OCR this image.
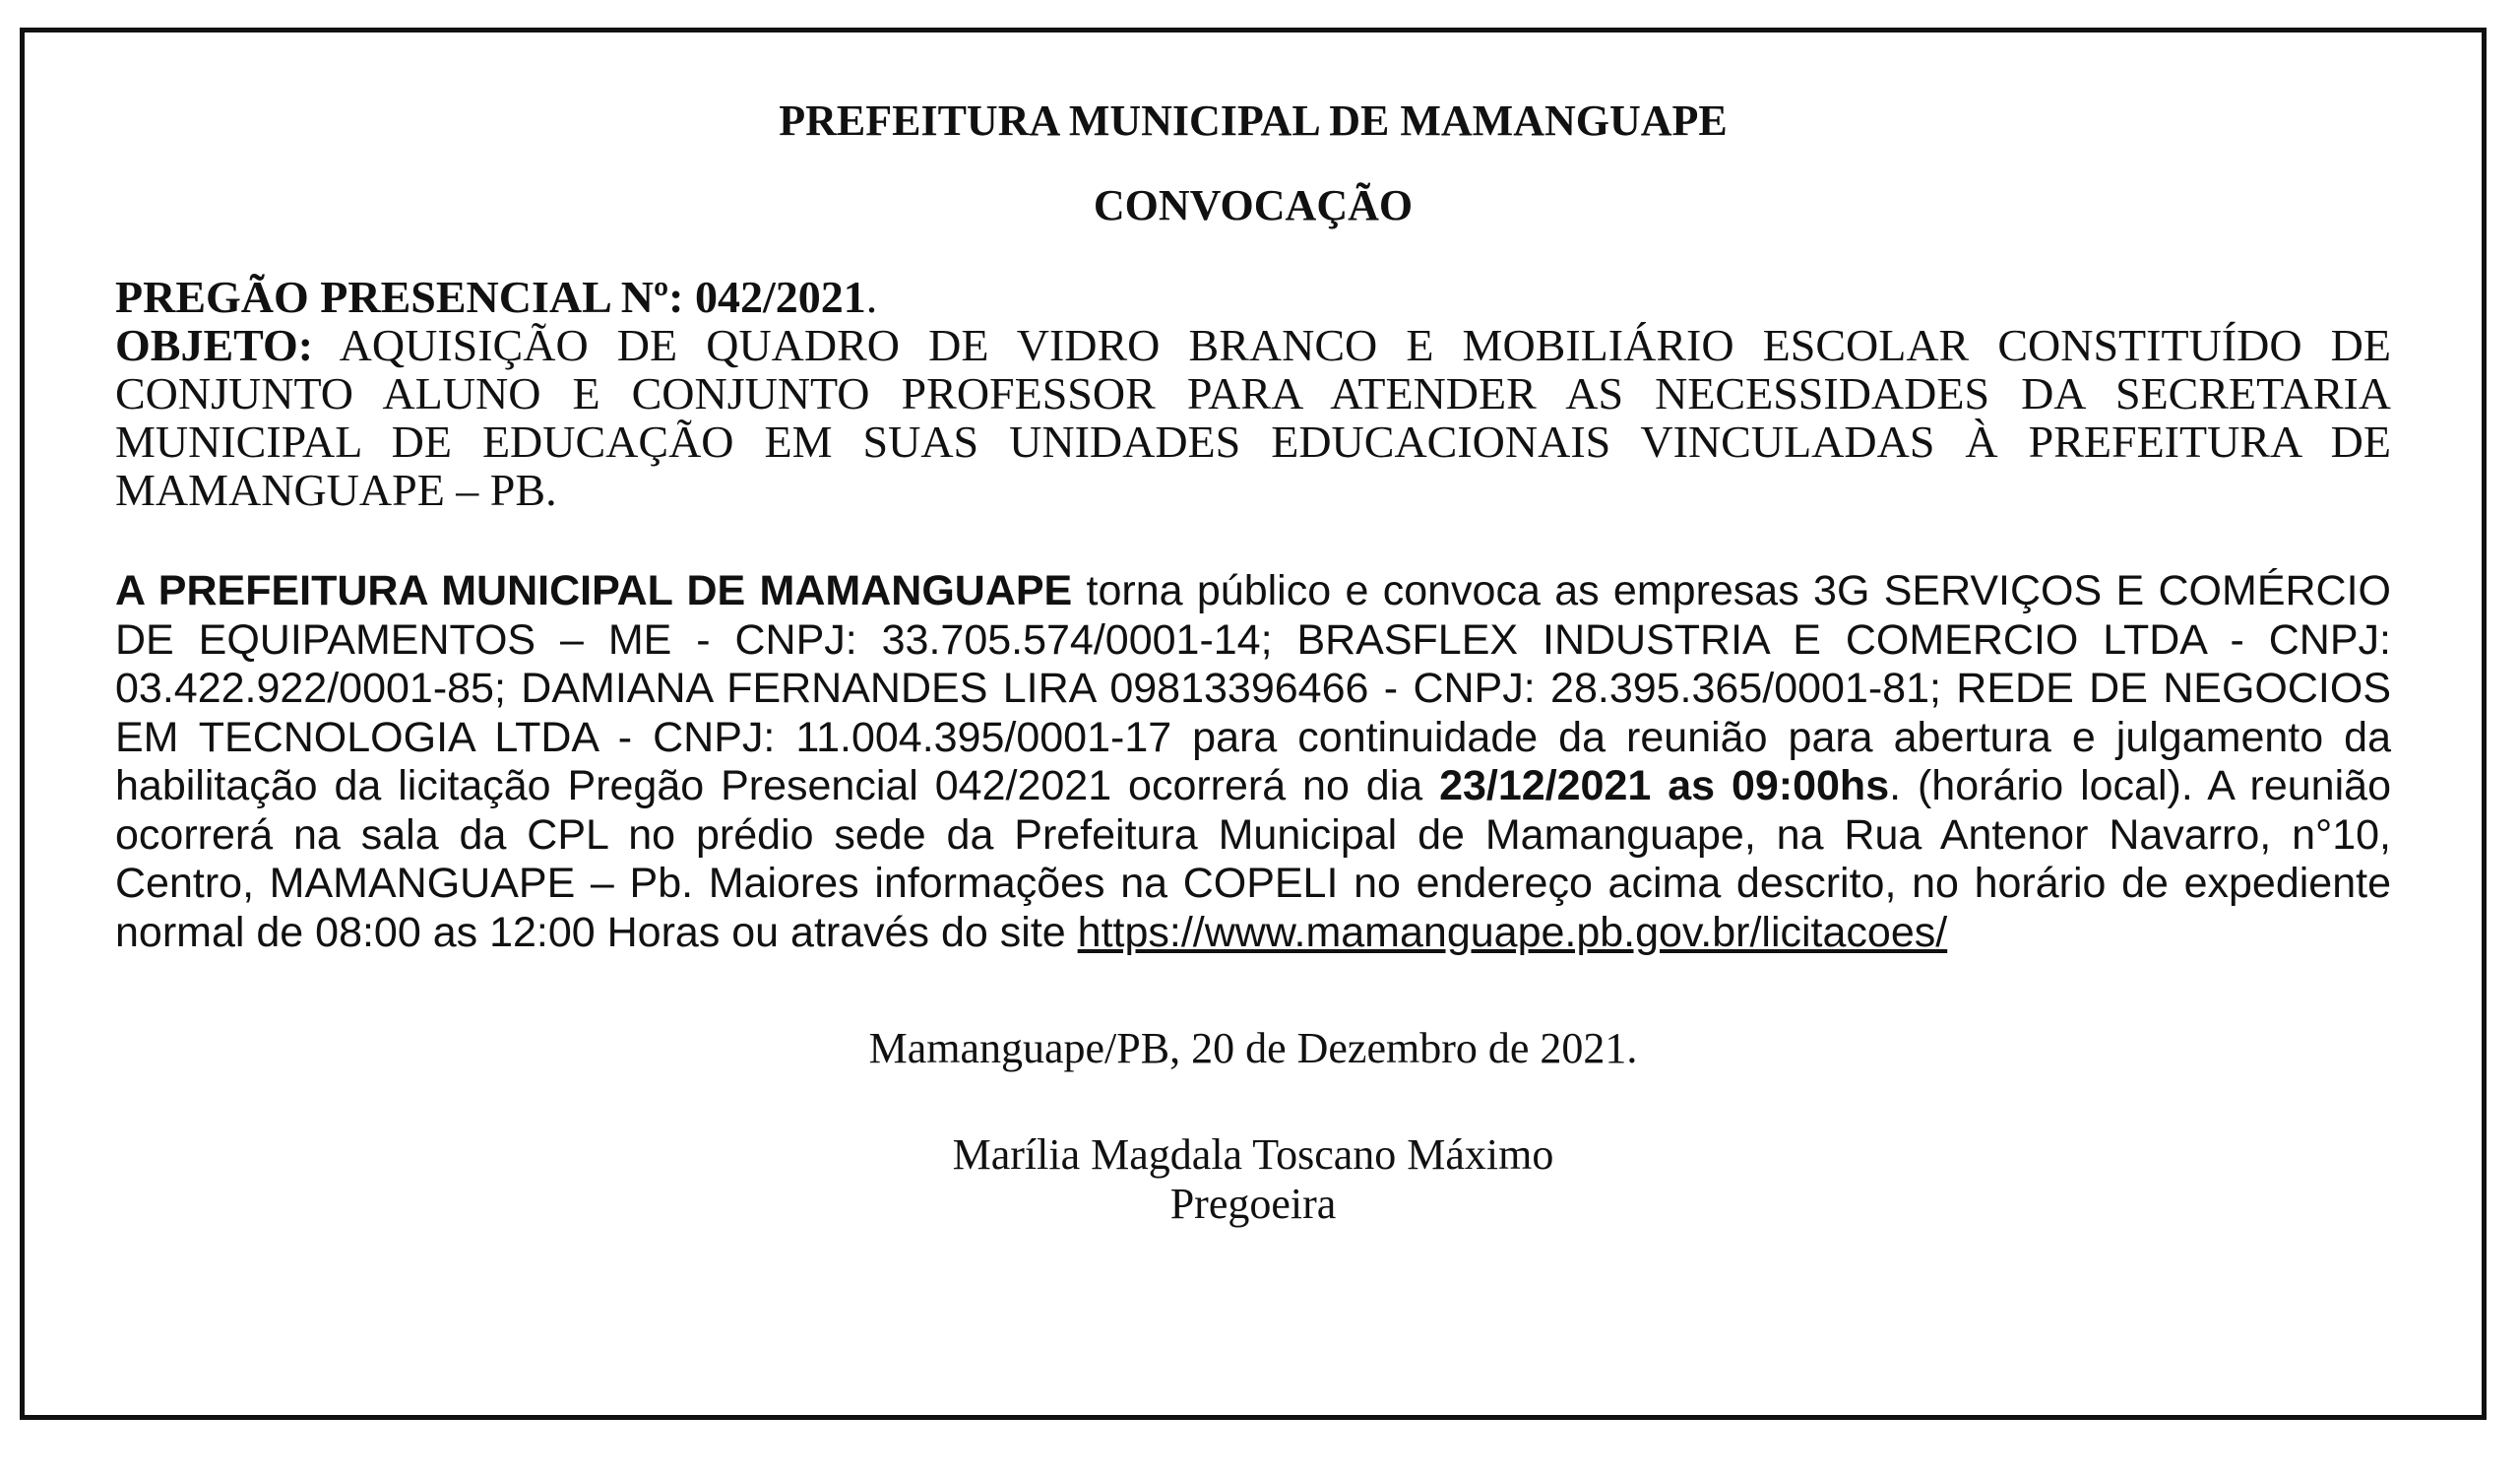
PREFEITURA MUNICIPAL DE MAMANGUAPE

CONVOCAÇÃO

PREGÃO PRESENCIAL Nº: 042/2021.

OBJETO: AQUISIÇÃO DE QUADRO DE VIDRO BRANCO E MOBILIÁRIO ESCOLAR CONSTITUÍDO DE CONJUNTO ALUNO E CONJUNTO PROFESSOR PARA ATENDER AS NECESSIDADES DA SECRETARIA MUNICIPAL DE EDUCAÇÃO EM SUAS UNIDADES EDUCACIONAIS VINCULADAS À PREFEITURA DE MAMANGUAPE – PB.

A PREFEITURA MUNICIPAL DE MAMANGUAPE torna público e convoca as empresas 3G SERVIÇOS E COMÉRCIO DE EQUIPAMENTOS – ME - CNPJ: 33.705.574/0001-14; BRASFLEX INDUSTRIA E COMERCIO LTDA - CNPJ: 03.422.922/0001-85; DAMIANA FERNANDES LIRA 09813396466 - CNPJ: 28.395.365/0001-81; REDE DE NEGOCIOS EM TECNOLOGIA LTDA - CNPJ: 11.004.395/0001-17 para continuidade da reunião para abertura e julgamento da habilitação da licitação Pregão Presencial 042/2021 ocorrerá no dia 23/12/2021 as 09:00hs. (horário local). A reunião ocorrerá na sala da CPL no prédio sede da Prefeitura Municipal de Mamanguape, na Rua Antenor Navarro, n°10, Centro, MAMANGUAPE – Pb. Maiores informações na COPELI no endereço acima descrito, no horário de expediente normal de 08:00 as 12:00 Horas ou através do site https://www.mamanguape.pb.gov.br/licitacoes/

Mamanguape/PB, 20 de Dezembro de 2021.

Marília Magdala Toscano Máximo

Pregoeira
